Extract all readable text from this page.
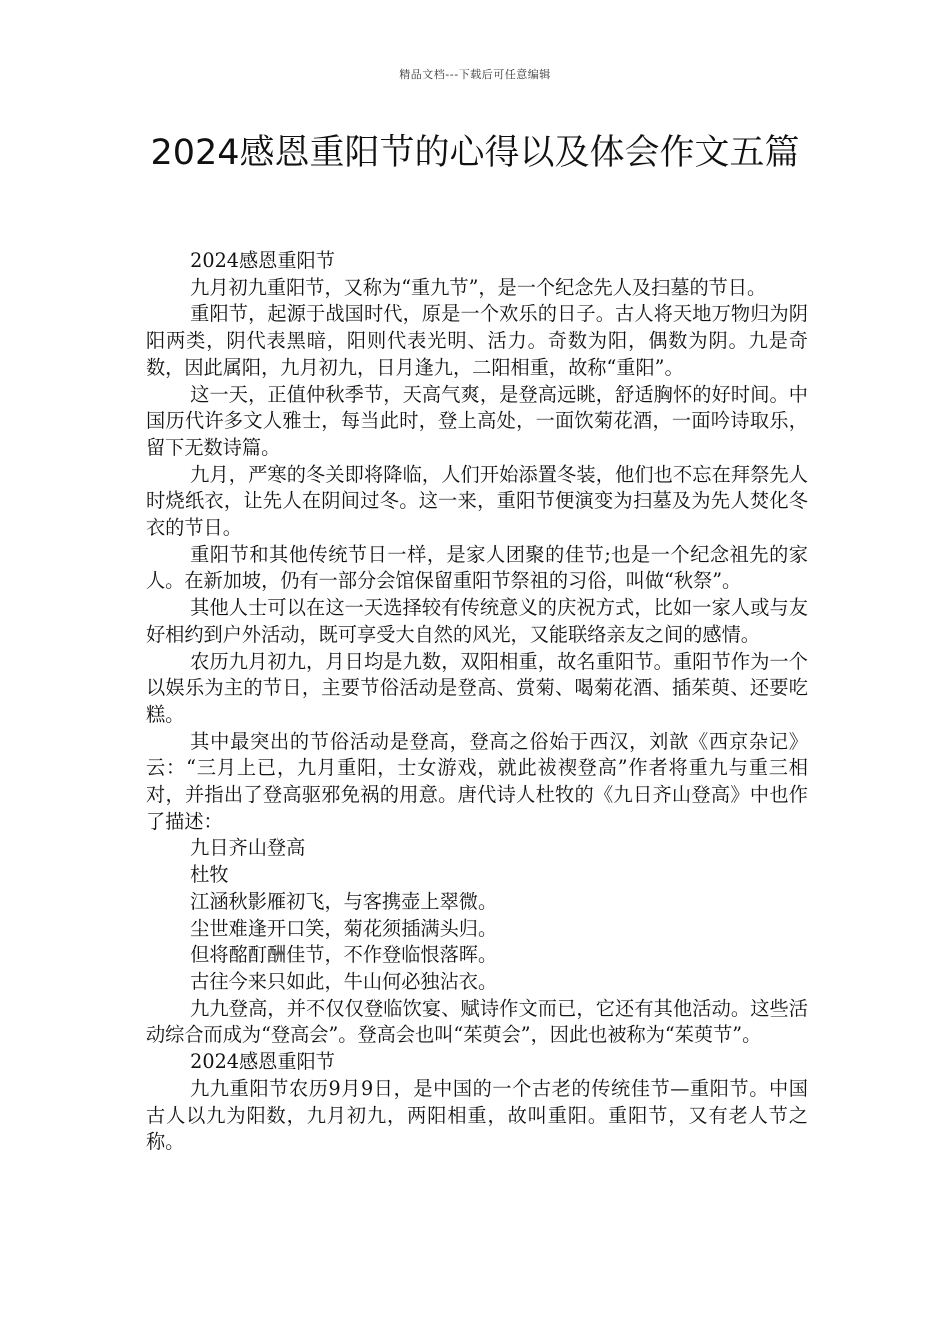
精品文档---下载后可任意编辑
2024感恩重阳节的心得以及体会作文五篇

2024感恩重阳节

九月初九重阳节，又称为“重九节”，是一个纪念先人及扫墓的节日。

重阳节，起源于战国时代，原是一个欢乐的日子。古人将天地万物归为阴阳两类，阴代表黑暗，阳则代表光明、活力。奇数为阳，偶数为阴。九是奇数，因此属阳，九月初九，日月逢九，二阳相重，故称“重阳”。

这一天，正值仲秋季节，天高气爽，是登高远眺，舒适胸怀的好时间。中国历代许多文人雅士，每当此时，登上高处，一面饮菊花酒，一面吟诗取乐，留下无数诗篇。

九月，严寒的冬关即将降临，人们开始添置冬装，他们也不忘在拜祭先人时烧纸衣，让先人在阴间过冬。这一来，重阳节便演变为扫墓及为先人焚化冬衣的节日。

重阳节和其他传统节日一样，是家人团聚的佳节;也是一个纪念祖先的家人。在新加坡，仍有一部分会馆保留重阳节祭祖的习俗，叫做“秋祭”。

其他人士可以在这一天选择较有传统意义的庆祝方式，比如一家人或与友好相约到户外活动，既可享受大自然的风光，又能联络亲友之间的感情。

农历九月初九，月日均是九数，双阳相重，故名重阳节。重阳节作为一个以娱乐为主的节日，主要节俗活动是登高、赏菊、喝菊花酒、插茱萸、还要吃糕。

其中最突出的节俗活动是登高，登高之俗始于西汉，刘歆《西京杂记》云：“三月上已，九月重阳，士女游戏，就此祓禊登高”作者将重九与重三相对，并指出了登高驱邪免祸的用意。唐代诗人杜牧的《九日齐山登高》中也作了描述：

九日齐山登高

杜牧

江涵秋影雁初飞，与客携壶上翠微。

尘世难逢开口笑，菊花须插满头归。

但将酩酊酬佳节，不作登临恨落晖。

古往今来只如此，牛山何必独沾衣。

九九登高，并不仅仅登临饮宴、赋诗作文而已，它还有其他活动。这些活动综合而成为“登高会”。登高会也叫“茱萸会”，因此也被称为“茱萸节”。

2024感恩重阳节

九九重阳节农历9月9日，是中国的一个古老的传统佳节—重阳节。中国古人以九为阳数，九月初九，两阳相重，故叫重阳。重阳节，又有老人节之称。
